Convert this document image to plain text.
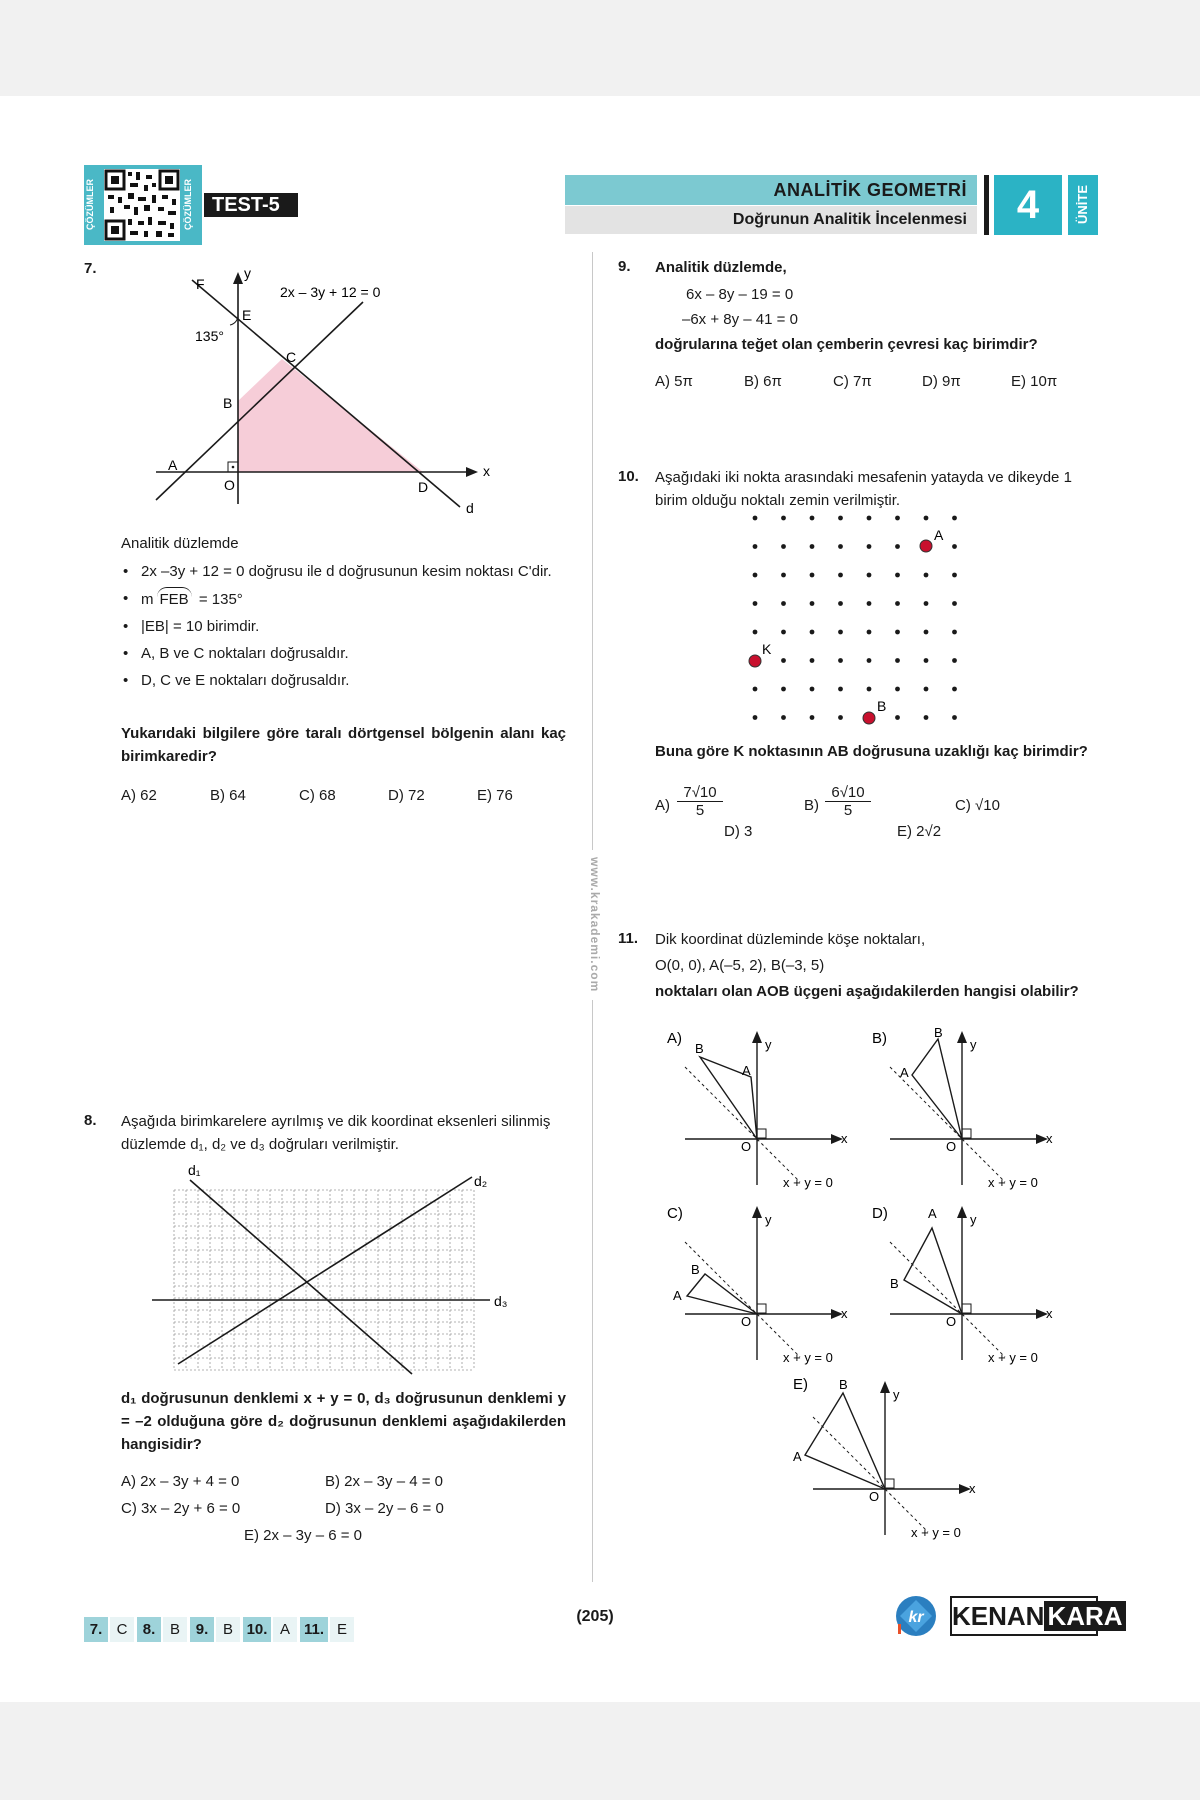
ÇÖZÜMLER	ÇÖZÜMLER TEST-5
ANALİTİK GEOMETRİ
Doğrunun Analitik İncelenmesi	4	ÜNİTE
www.krakademi.com
7.
2x – 3y + 12 = 0
F
E
C
B
A
O	D
d
x
y
135°
Analitik düzlemde
• 2x –3y + 12 = 0 doğrusu ile d doğrusunun kesim noktası C'dir.
• m FEB = 135°
• |EB| = 10 birimdir.
• A, B ve C noktaları doğrusaldır.
• D, C ve E noktaları doğrusaldır.
Yukarıdaki bilgilere göre taralı dörtgensel bölgenin alanı kaç birimkaredir?
A) 62	B) 64	C) 68	D) 72	E) 76
8. Aşağıda birimkarelere ayrılmış ve dik koordinat eksenleri silinmiş düzlemde d₁, d₂ ve d₃ doğruları verilmiştir.
d₁
d₂
d₃
d₁ doğrusunun denklemi x + y = 0, d₃ doğrusunun denklemi y = –2 olduğuna göre d₂ doğrusunun denklemi aşağıdakilerden hangisidir?
A) 2x – 3y + 4 = 0	B) 2x – 3y – 4 = 0
C) 3x – 2y + 6 = 0	D) 3x – 2y – 6 = 0
E) 2x – 3y – 6 = 0
9. Analitik düzlemde,
6x – 8y – 19 = 0
–6x + 8y – 41 = 0
doğrularına teğet olan çemberin çevresi kaç birimdir?
A) 5π	B) 6π	C) 7π	D) 9π	E) 10π
10. Aşağıdaki iki nokta arasındaki mesafenin yatayda ve dikeyde 1 birim olduğu noktalı zemin verilmiştir.
A
K
B
Buna göre K noktasının AB doğrusuna uzaklığı kaç birimdir?
$A) \frac{7√10}{5}$	$B) \frac{6√10}{5}$	C) √10
D) 3	E) 2√2
11. Dik koordinat düzleminde köşe noktaları,
O(0, 0), A(–5, 2), B(–3, 5)
noktaları olan AOB üçgeni aşağıdakilerden hangisi olabilir?
A)
B
A
O
y
x
x + y = 0
B)	B
A
O
y
x
x + y = 0
C)
B
A
O
y
x
x + y = 0
D)	A
B
O
y
x
x + y = 0
E) B
A
O
y
x
x + y = 0
7. C	8. B	9. B 10. A 11. E
(205)	kr KENAN KARA
